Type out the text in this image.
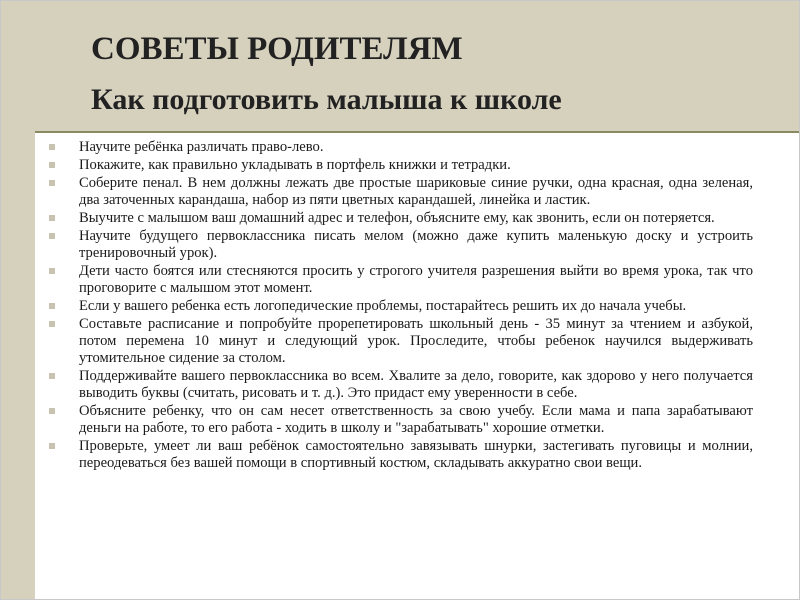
СОВЕТЫ РОДИТЕЛЯМ
Как подготовить малыша к школе
Научите ребёнка различать право-лево.
Покажите, как правильно укладывать в портфель книжки и тетрадки.
Соберите пенал. В нем должны лежать две простые шариковые синие ручки, одна красная, одна зеленая, два заточенных карандаша, набор из пяти цветных карандашей, линейка и ластик.
Выучите с малышом ваш домашний адрес и телефон, объясните ему, как звонить, если он потеряется.
Научите будущего первоклассника писать мелом (можно даже купить маленькую доску и устроить тренировочный урок).
Дети часто боятся или стесняются просить у строгого учителя разрешения выйти во время урока, так что проговорите с малышом этот момент.
Если у вашего ребенка есть логопедические проблемы, постарайтесь решить их до начала учебы.
Составьте расписание и попробуйте прорепетировать школьный день - 35 минут за чтением и азбукой, потом перемена 10 минут и следующий урок. Проследите, чтобы ребенок научился выдерживать утомительное сидение за столом.
Поддерживайте вашего первоклассника во всем. Хвалите за дело, говорите, как здорово у него получается выводить буквы (считать, рисовать и т. д.). Это придаст ему уверенности в себе.
Объясните ребенку, что он сам несет ответственность за свою учебу. Если мама и папа зарабатывают деньги на работе, то его работа - ходить в школу и "зарабатывать" хорошие отметки.
Проверьте, умеет ли ваш ребёнок самостоятельно завязывать шнурки, застегивать пуговицы и молнии, переодеваться без вашей помощи в спортивный костюм, складывать аккуратно свои вещи.
